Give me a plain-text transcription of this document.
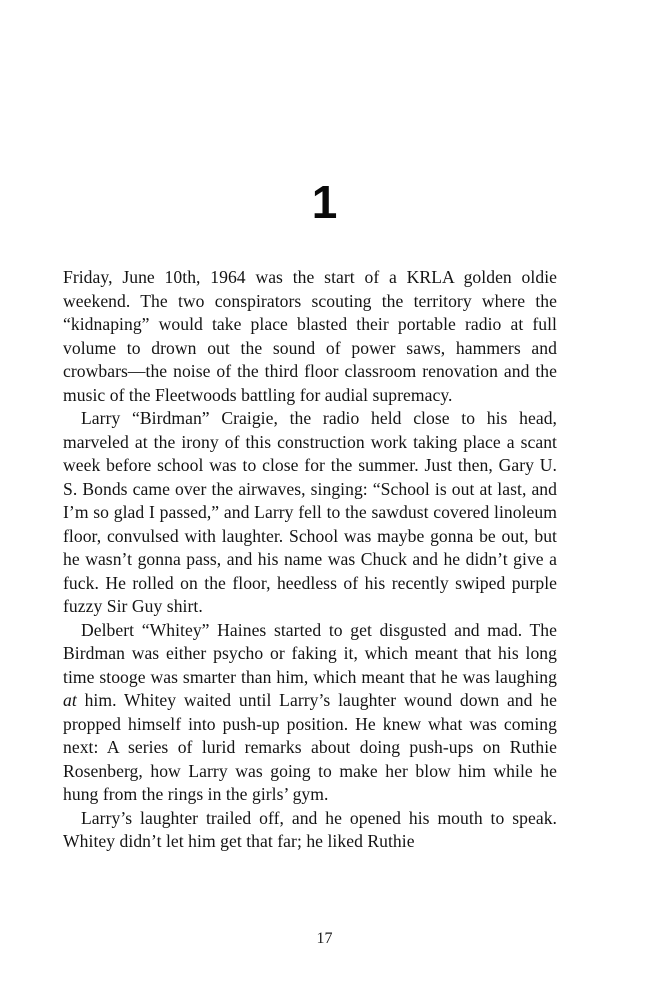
1

Friday, June 10th, 1964 was the start of a KRLA golden oldie weekend. The two conspirators scouting the territory where the “kidnaping” would take place blasted their portable radio at full volume to drown out the sound of power saws, hammers and crowbars—the noise of the third floor classroom renovation and the music of the Fleetwoods battling for audial supremacy.

Larry “Birdman” Craigie, the radio held close to his head, marveled at the irony of this construction work taking place a scant week before school was to close for the summer. Just then, Gary U. S. Bonds came over the airwaves, singing: “School is out at last, and I’m so glad I passed,” and Larry fell to the sawdust covered linoleum floor, convulsed with laughter. School was maybe gonna be out, but he wasn’t gonna pass, and his name was Chuck and he didn’t give a fuck. He rolled on the floor, heedless of his recently swiped purple fuzzy Sir Guy shirt.

Delbert “Whitey” Haines started to get disgusted and mad. The Birdman was either psycho or faking it, which meant that his long time stooge was smarter than him, which meant that he was laughing at him. Whitey waited until Larry’s laughter wound down and he propped himself into push-up position. He knew what was coming next: A series of lurid remarks about doing push-ups on Ruthie Rosenberg, how Larry was going to make her blow him while he hung from the rings in the girls’ gym.

Larry’s laughter trailed off, and he opened his mouth to speak. Whitey didn’t let him get that far; he liked Ruthie

17
